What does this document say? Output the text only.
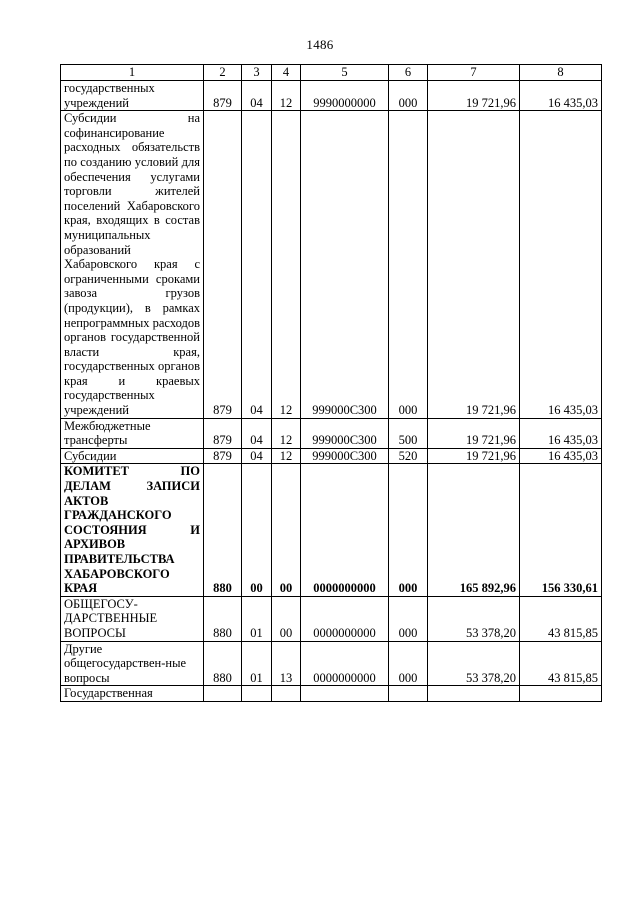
1486
1	2	3	4	5	6	7	8
государственных учреждений	879	04	12	9990000000	000	19 721,96	16 435,03
Субсидии на софинансирование расходных обязательств по созданию условий для обеспечения услугами торговли жителей поселений Хабаровского края, входящих в состав муниципальных образований Хабаровского края с ограниченными сроками завоза грузов (продукции), в рамках непрограммных расходов органов государственной власти края, государственных органов края и краевых государственных учреждений	879	04	12	999000С300	000	19 721,96	16 435,03
Межбюджетные трансферты	879	04	12	999000С300	500	19 721,96	16 435,03
Субсидии	879	04	12	999000С300	520	19 721,96	16 435,03
КОМИТЕТ ПО ДЕЛАМ ЗАПИСИ АКТОВ ГРАЖДАНСКОГО СОСТОЯНИЯ И АРХИВОВ ПРАВИТЕЛЬСТВА ХАБАРОВСКОГО КРАЯ	880	00	00	0000000000	000	165 892,96	156 330,61
ОБЩЕГОСУ-ДАРСТВЕННЫЕ ВОПРОСЫ	880	01	00	0000000000	000	53 378,20	43 815,85
Другие общегосударствен-ные вопросы	880	01	13	0000000000	000	53 378,20	43 815,85
Государственная							
